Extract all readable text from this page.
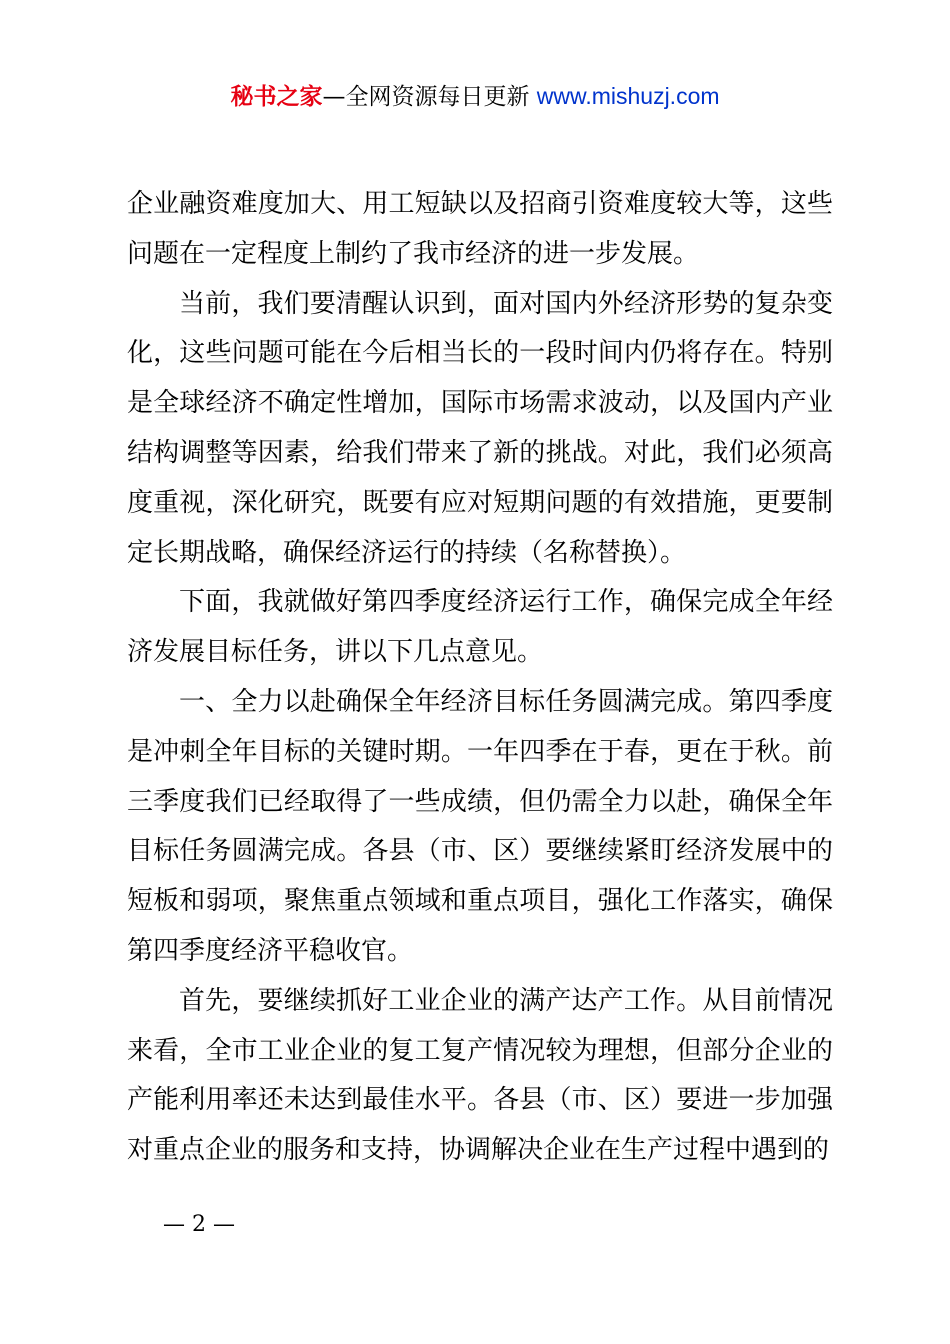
秘书之家—全网资源每日更新 www.mishuzj.com

企业融资难度加大、用工短缺以及招商引资难度较大等，这些问题在一定程度上制约了我市经济的进一步发展。

当前，我们要清醒认识到，面对国内外经济形势的复杂变化，这些问题可能在今后相当长的一段时间内仍将存在。特别是全球经济不确定性增加，国际市场需求波动，以及国内产业结构调整等因素，给我们带来了新的挑战。对此，我们必须高度重视，深化研究，既要有应对短期问题的有效措施，更要制定长期战略，确保经济运行的持续（名称替换）。

下面，我就做好第四季度经济运行工作，确保完成全年经济发展目标任务，讲以下几点意见。

一、全力以赴确保全年经济目标任务圆满完成。第四季度是冲刺全年目标的关键时期。一年四季在于春，更在于秋。前三季度我们已经取得了一些成绩，但仍需全力以赴，确保全年目标任务圆满完成。各县（市、区）要继续紧盯经济发展中的短板和弱项，聚焦重点领域和重点项目，强化工作落实，确保第四季度经济平稳收官。

首先，要继续抓好工业企业的满产达产工作。从目前情况来看，全市工业企业的复工复产情况较为理想，但部分企业的产能利用率还未达到最佳水平。各县（市、区）要进一步加强对重点企业的服务和支持，协调解决企业在生产过程中遇到的

— 2 —
